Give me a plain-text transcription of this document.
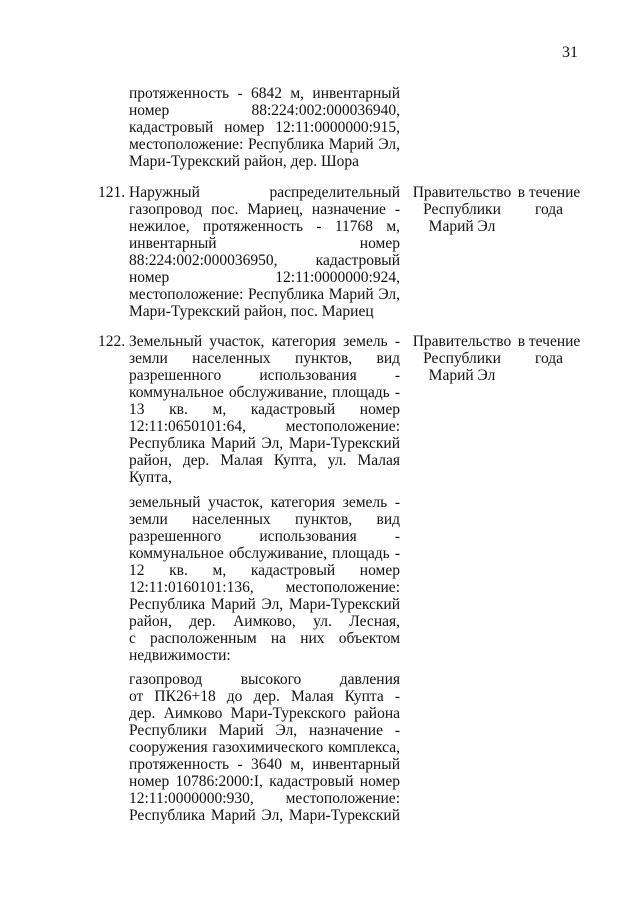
31
протяженность - 6842 м, инвентарный
номер 88:224:002:000036940,
кадастровый номер 12:11:0000000:915,
местоположение: Республика Марий Эл,
Мари-Турекский район, дер. Шора
121. Наружный распределительный
газопровод пос. Мариец, назначение -
нежилое, протяженность - 11768 м,
инвентарный номер
88:224:002:000036950, кадастровый
номер 12:11:0000000:924,
местоположение: Республика Марий Эл,
Мари-Турекский район, пос. Мариец
Правительство
Республики
Марий Эл
в течение
года
122. Земельный участок, категория земель -
земли населенных пунктов, вид
разрешенного использования -
коммунальное обслуживание, площадь -
13 кв. м, кадастровый номер
12:11:0650101:64, местоположение:
Республика Марий Эл, Мари-Турекский
район, дер. Малая Купта, ул. Малая
Купта,
Правительство
Республики
Марий Эл
в течение
года
земельный участок, категория земель -
земли населенных пунктов, вид
разрешенного использования -
коммунальное обслуживание, площадь -
12 кв. м, кадастровый номер
12:11:0160101:136, местоположение:
Республика Марий Эл, Мари-Турекский
район, дер. Аимково, ул. Лесная,
с расположенным на них объектом
недвижимости:
газопровод высокого давления
от ПК26+18 до дер. Малая Купта -
дер. Аимково Мари-Турекского района
Республики Марий Эл, назначение -
сооружения газохимического комплекса,
протяженность - 3640 м, инвентарный
номер 10786:2000:I, кадастровый номер
12:11:0000000:930, местоположение:
Республика Марий Эл, Мари-Турекский
